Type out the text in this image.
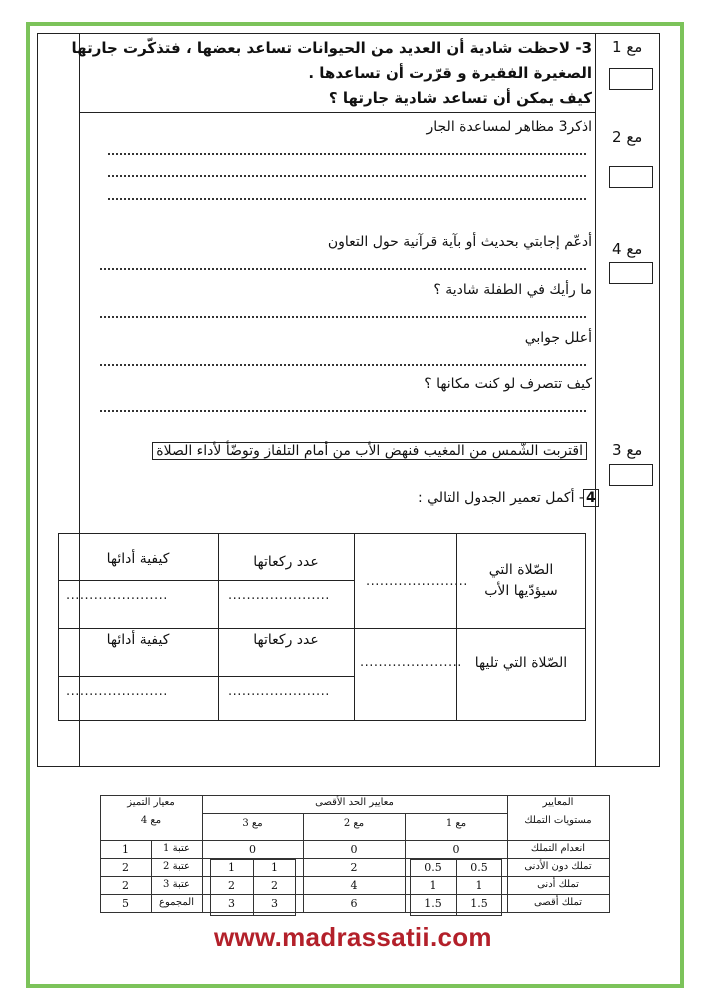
3- لاحظت شادية أن العديد من الحيوانات تساعد بعضها ، فتذكّرت جارتها
الصغيرة الفقيرة و قرّرت أن تساعدها .
كيف يمكن أن تساعد شادية جارتها ؟
مع 1
اذكر3 مظاهر لمساعدة الجار
مع 2
أدعّم إجابتي بحديث أو بآية قرآنية حول التعاون
ما رأيك في الطفلة شادية ؟
أعلل جوابي
كيف تتصرف لو كنت مكانها ؟
مع 4
اقتربت الشّمس من المغيب فنهض الأب من أمام التلفاز وتوضّأ لأداء الصلاة مع 3
- أكمل تعمير الجدول التالي : 4
الصّلاة التي
سيؤدّيها الأب
الصّلاة التي تليها
......................
......................
عدد ركعاتها
كيفية أدائها
......................
......................
عدد ركعاتها
كيفية أدائها
......................
......................
المعايير
مستويات التملك
معايير الحد الأقصى
معيار التميز
مع 4	مع 1
مع 2
مع 3
انعدام التملك
0
0
0
عتبة 1
1
تملك دون الأدنى
0.5
0.5
2
1
1
عتبة 2
2
تملك أدنى
1
1
4
2
2
عتبة 3
2
تملك أقصى
1.5
1.5
6
3
3
المجموع
5
www.madrassatii.com
